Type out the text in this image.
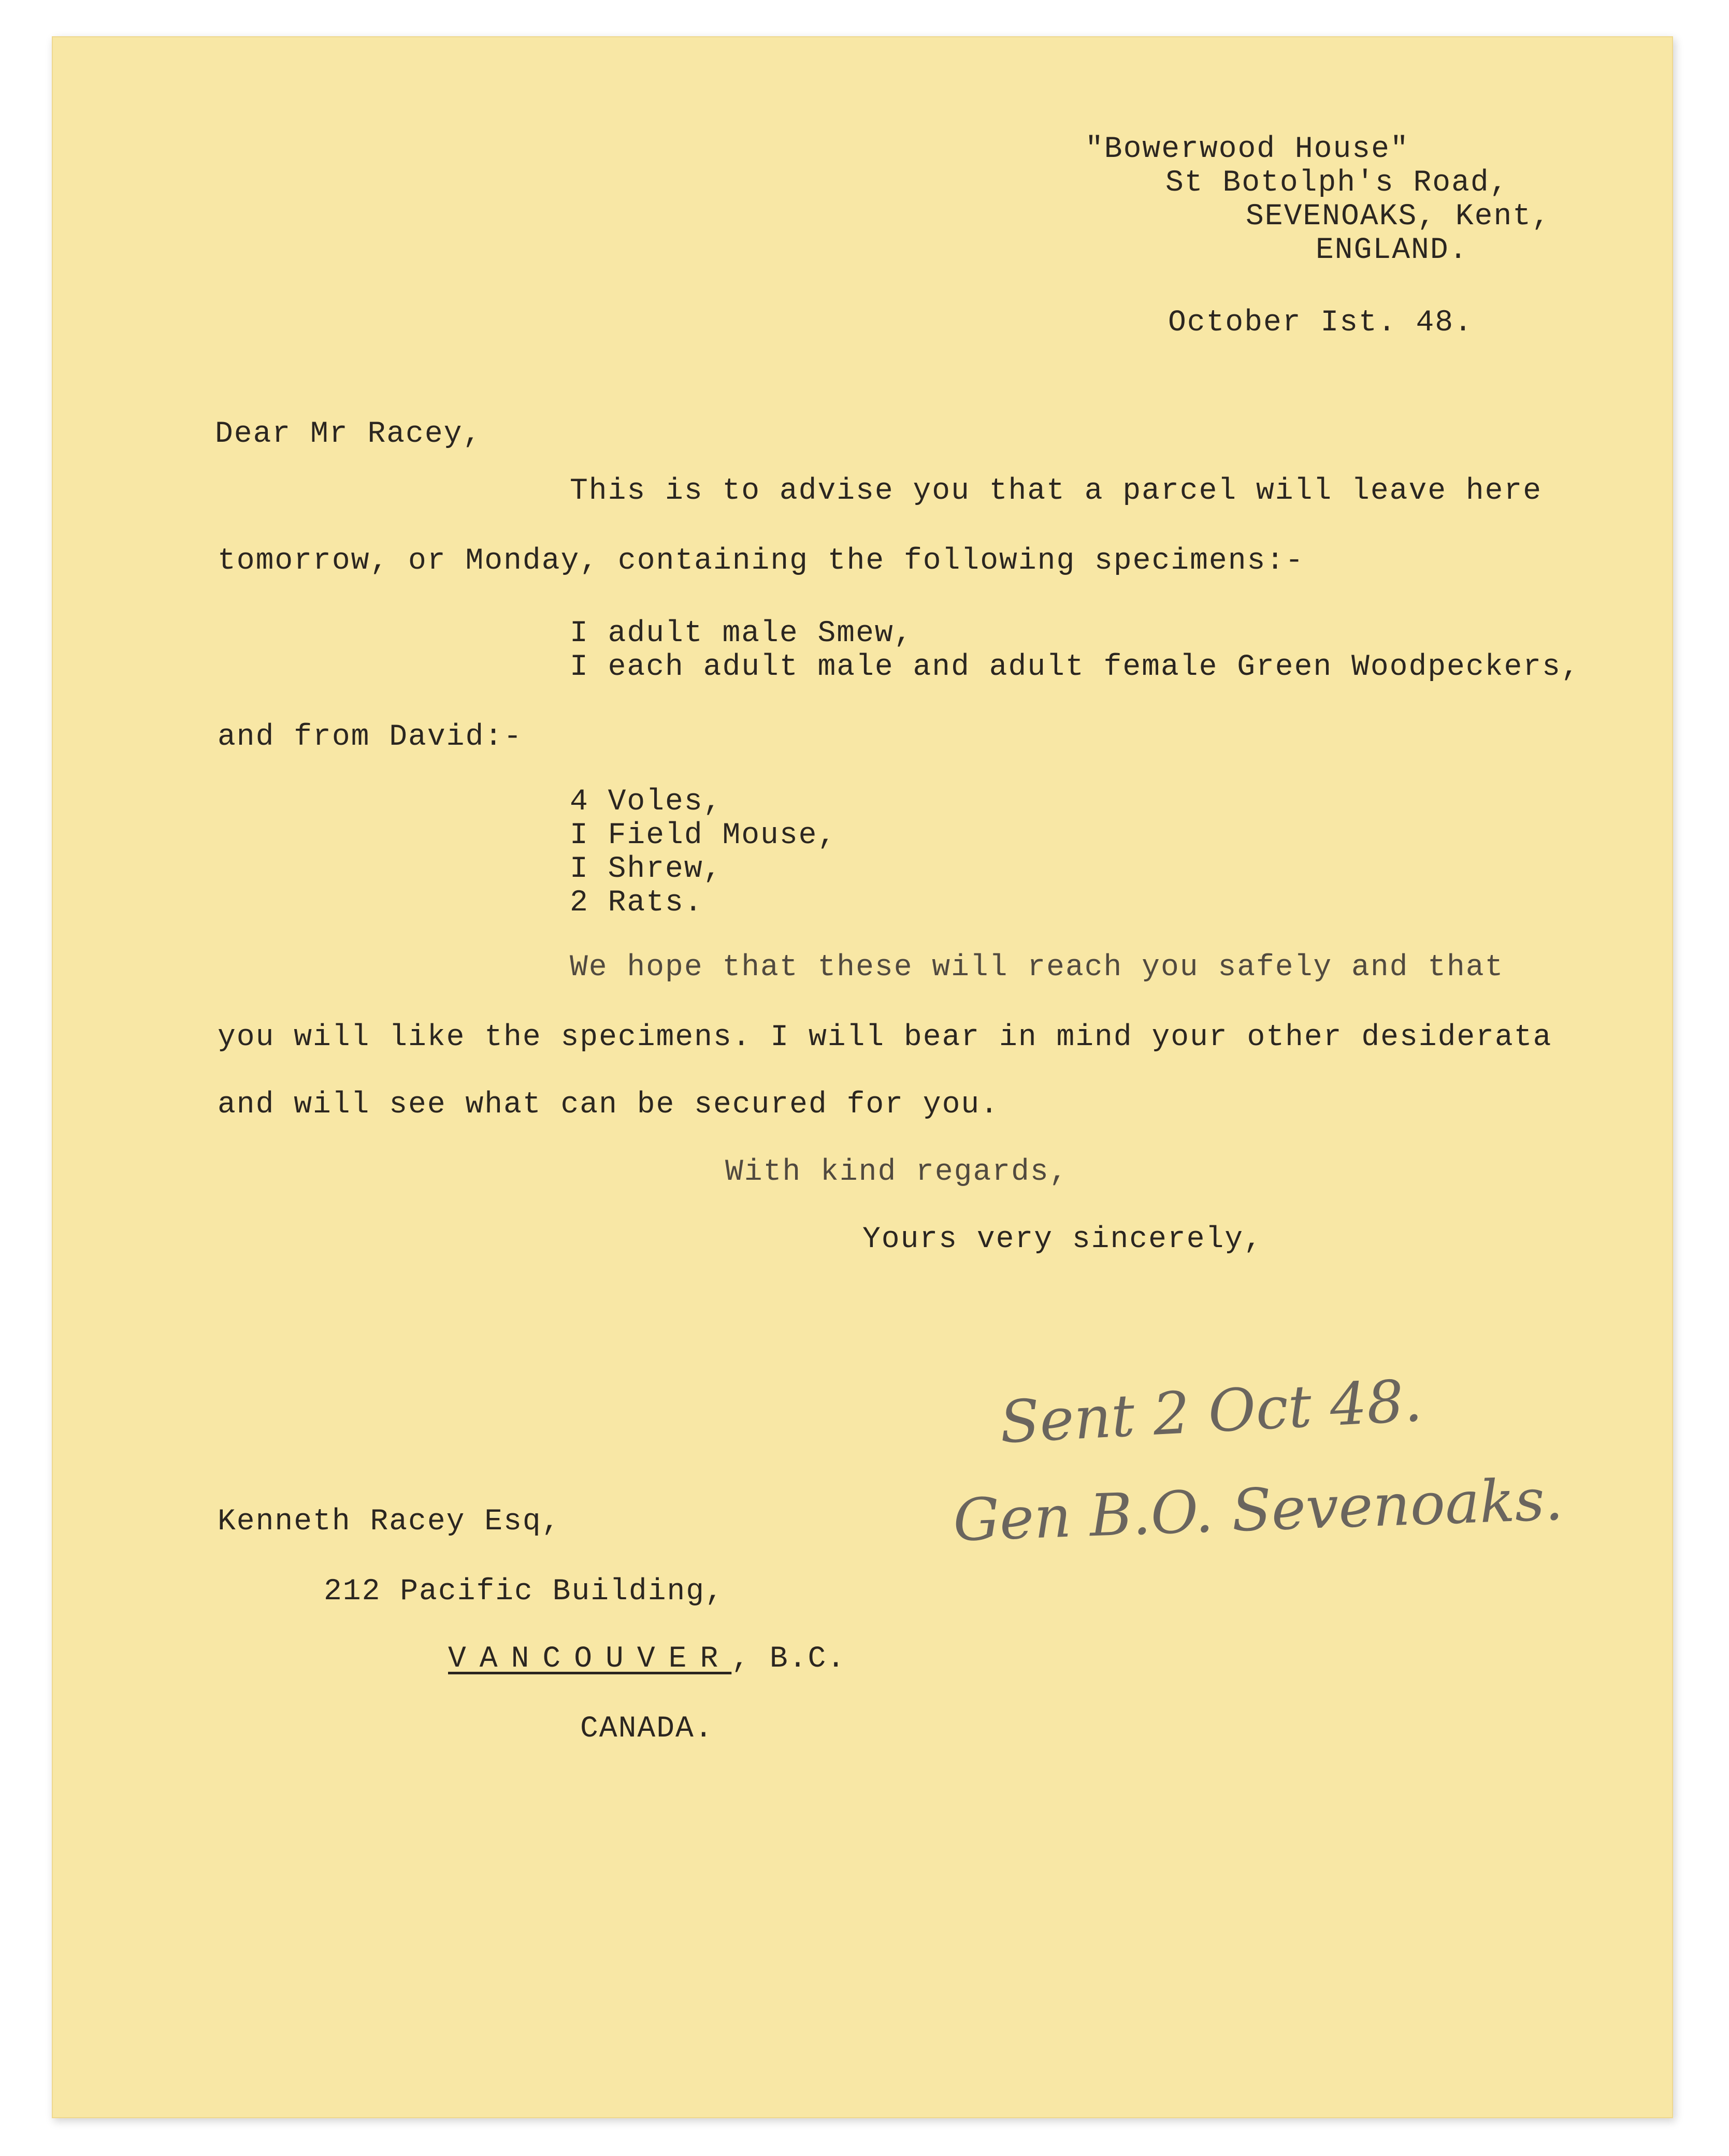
"Bowerwood House"
St Botolph's Road,
SEVENOAKS, Kent,
ENGLAND.
October Ist. 48.
Dear Mr Racey,
This is to advise you that a parcel will leave here
tomorrow, or Monday, containing the following specimens:-
I adult male Smew,
I each adult male and adult female Green Woodpeckers,
and from David:-
4 Voles,
I Field Mouse,
I Shrew,
2 Rats.
We hope that these will reach you safely and that
you will like the specimens. I will bear in mind your other desiderata
and will see what can be secured for you.
With kind regards,
Yours very sincerely,
Sent 2 Oct 48.
Gen B.O. Sevenoaks.
Kenneth Racey Esq,
212 Pacific Building,
VANCOUVER, B.C.
CANADA.
